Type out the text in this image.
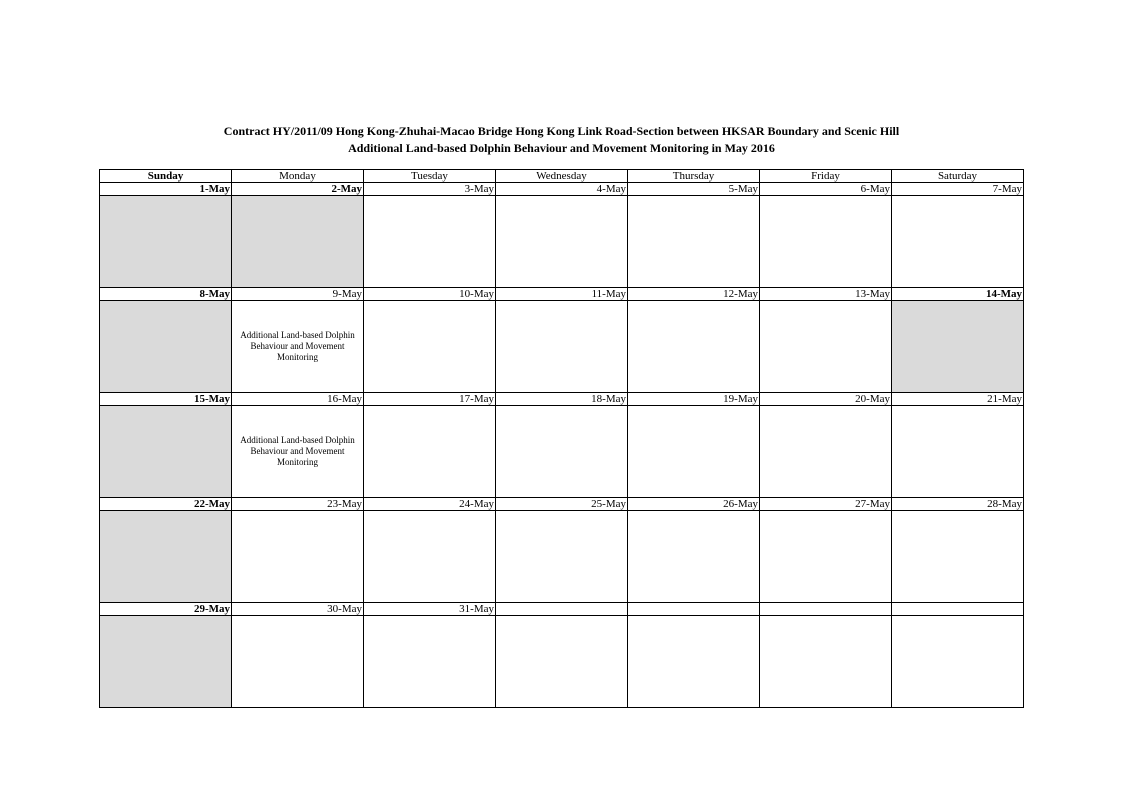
Contract HY/2011/09 Hong Kong-Zhuhai-Macao Bridge Hong Kong Link Road-Section between HKSAR Boundary and Scenic Hill
Additional Land-based Dolphin Behaviour and Movement Monitoring in May 2016
Sunday	Monday	Tuesday	Wednesday	Thursday	Friday	Saturday
1-May	2-May	3-May	4-May	5-May	6-May	7-May

8-May	9-May	10-May	11-May	12-May	13-May	14-May

	Additional Land-based Dolphin Behaviour and Movement Monitoring					

15-May	16-May	17-May	18-May	19-May	20-May	21-May

	Additional Land-based Dolphin Behaviour and Movement Monitoring					

22-May	23-May	24-May	25-May	26-May	27-May	28-May

29-May	30-May	31-May				
